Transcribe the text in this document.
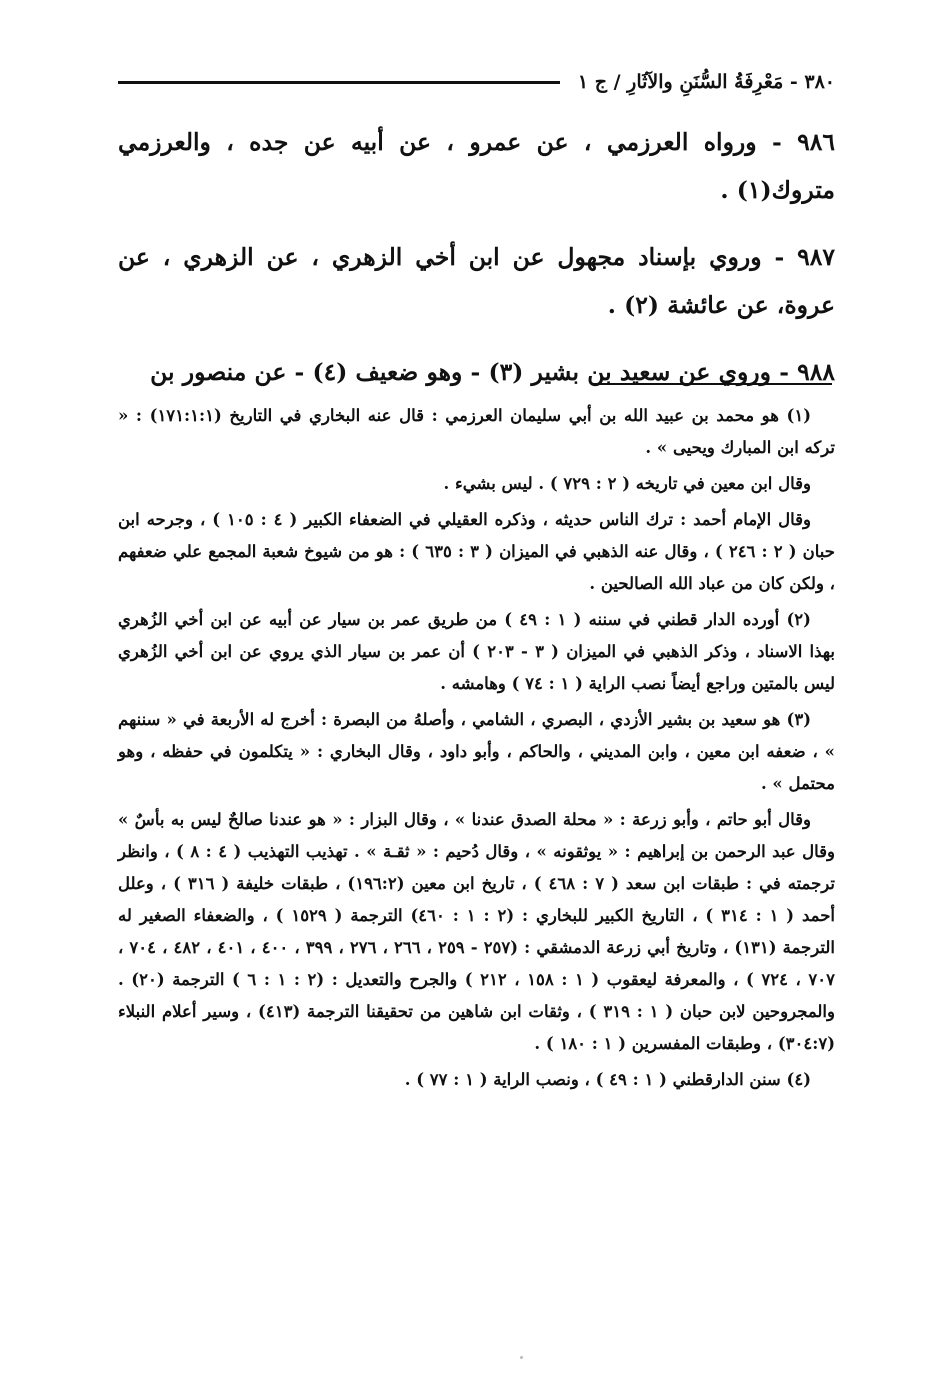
٣٨٠ - مَعْرِفَةُ السُّنَنِ والآثَارِ / ج ١

٩٨٦ - ورواه العرزمي ، عن عمرو ، عن أبيه عن جده ، والعرزمي متروك(١) .

٩٨٧ - وروي بإسناد مجهول عن ابن أخي الزهري ، عن الزهري ، عن عروة، عن عائشة (٢) .

٩٨٨ - وروي عن سعيد بن بشير (٣) - وهو ضعيف (٤) - عن منصور بن

(١) هو محمد بن عبيد الله بن أبي سليمان العرزمي : قال عنه البخاري في التاريخ (١٧١:١:١) : « تركه ابن المبارك ويحيى » .

وقال ابن معين في تاريخه ( ٢ : ٧٢٩ ) . ليس بشيء .

وقال الإمام أحمد : ترك الناس حديثه ، وذكره العقيلي في الضعفاء الكبير ( ٤ : ١٠٥ ) ، وجرحه ابن حبان ( ٢ : ٢٤٦ ) ، وقال عنه الذهبي في الميزان ( ٣ : ٦٣٥ ) : هو من شيوخ شعبة المجمع علي ضعفهم ، ولكن كان من عباد الله الصالحين .

(٢) أورده الدار قطني في سننه ( ١ : ٤٩ ) من طريق عمر بن سيار عن أبيه عن ابن أخي الزُهري بهذا الاسناد ، وذكر الذهبي في الميزان ( ٣ - ٢٠٣ ) أن عمر بن سيار الذي يروي عن ابن أخي الزُهري ليس بالمتين وراجع أيضاً نصب الراية ( ١ : ٧٤ ) وهامشه .

(٣) هو سعيد بن بشير الأزدي ، البصري ، الشامي ، وأصلهُ من البصرة : أخرج له الأربعة في « سننهم » ، ضعفه ابن معين ، وابن المديني ، والحاكم ، وأبو داود ، وقال البخاري : « يتكلمون في حفظه ، وهو محتمل » .

وقال أبو حاتم ، وأبو زرعة : « محلة الصدق عندنا » ، وقال البزار : « هو عندنا صالحٌ ليس به بأسٌ » وقال عبد الرحمن بن إبراهيم : « يوثقونه » ، وقال دُحيم : « ثقـة » . تهذيب التهذيب ( ٤ : ٨ ) ، وانظر ترجمته في : طبقات ابن سعد ( ٧ : ٤٦٨ ) ، تاريخ ابن معين (١٩٦:٢) ، طبقات خليفة ( ٣١٦ ) ، وعلل أحمد ( ١ : ٣١٤ ) ، التاريخ الكبير للبخاري : (٢ : ١ : ٤٦٠) الترجمة ( ١٥٢٩ ) ، والضعفاء الصغير له الترجمة (١٣١) ، وتاريخ أبي زرعة الدمشقي : (٢٥٧ - ٢٥٩ ، ٢٦٦ ، ٢٧٦ ، ٣٩٩ ، ٤٠٠ ، ٤٠١ ، ٤٨٢ ، ٧٠٤ ، ٧٠٧ ، ٧٢٤ ) ، والمعرفة ليعقوب ( ١ : ١٥٨ ، ٢١٢ ) والجرح والتعديل : (٢ : ١ : ٦ ) الترجمة (٢٠) . والمجروحين لابن حبان ( ١ : ٣١٩ ) ، وثقات ابن شاهين من تحقيقنا الترجمة (٤١٣) ، وسير أعلام النبلاء (٣٠٤:٧) ، وطبقات المفسرين ( ١ : ١٨٠ ) .

(٤) سنن الدارقطني ( ١ : ٤٩ ) ، ونصب الراية ( ١ : ٧٧ ) .
